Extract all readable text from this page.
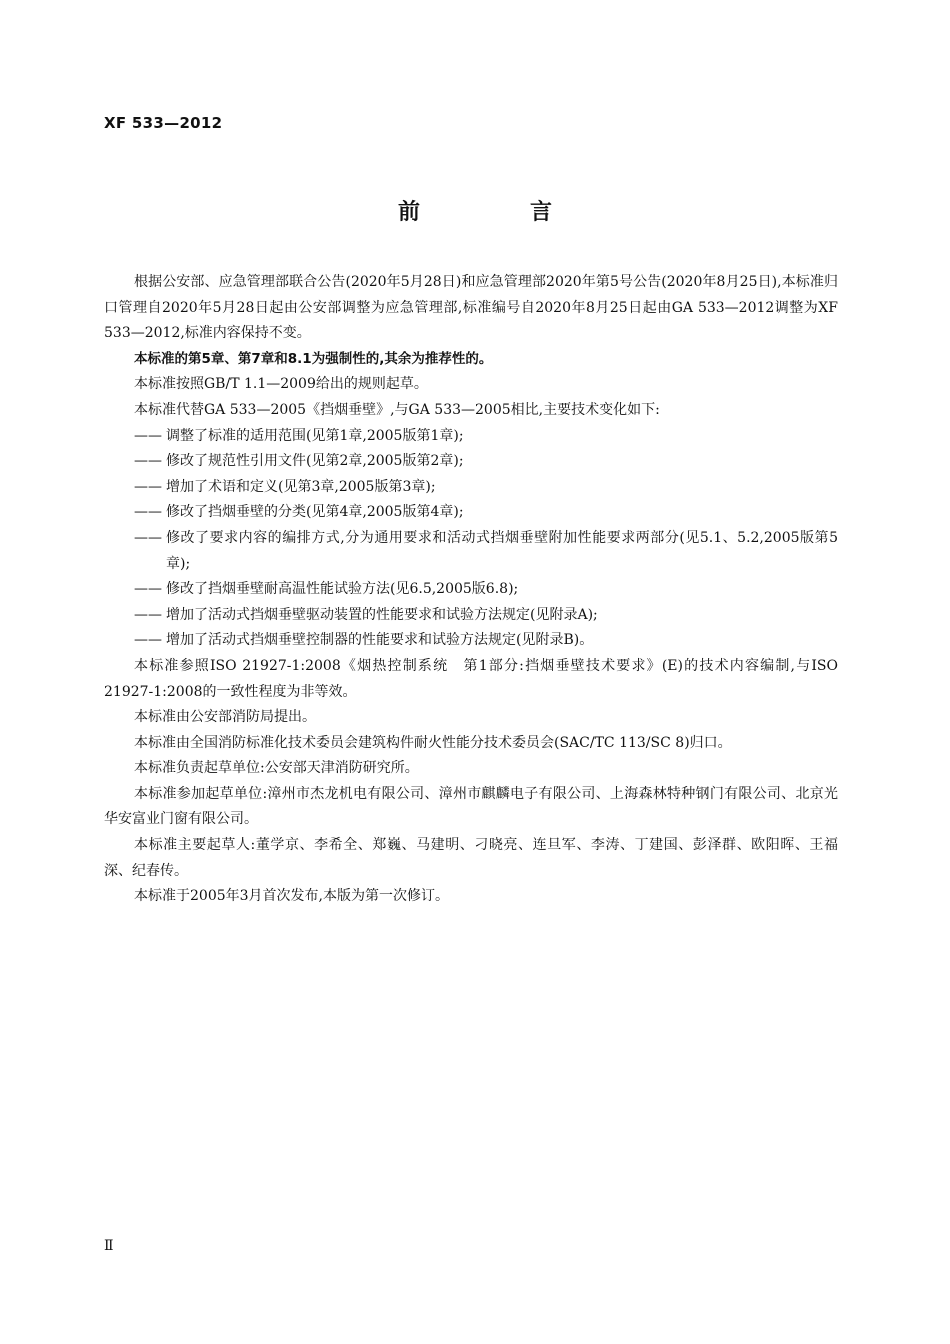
XF 533—2012
前　言

根据公安部、应急管理部联合公告(2020年5月28日)和应急管理部2020年第5号公告(2020年8月25日),本标准归口管理自2020年5月28日起由公安部调整为应急管理部,标准编号自2020年8月25日起由GA 533—2012调整为XF 533—2012,标准内容保持不变。

本标准的第5章、第7章和8.1为强制性的,其余为推荐性的。

本标准按照GB/T 1.1—2009给出的规则起草。

本标准代替GA 533—2005《挡烟垂壁》,与GA 533—2005相比,主要技术变化如下:

—— 调整了标准的适用范围(见第1章,2005版第1章);

—— 修改了规范性引用文件(见第2章,2005版第2章);

—— 增加了术语和定义(见第3章,2005版第3章);

—— 修改了挡烟垂壁的分类(见第4章,2005版第4章);

—— 修改了要求内容的编排方式,分为通用要求和活动式挡烟垂壁附加性能要求两部分(见5.1、5.2,2005版第5章);

—— 修改了挡烟垂壁耐高温性能试验方法(见6.5,2005版6.8);

—— 增加了活动式挡烟垂壁驱动装置的性能要求和试验方法规定(见附录A);

—— 增加了活动式挡烟垂壁控制器的性能要求和试验方法规定(见附录B)。

本标准参照ISO 21927-1:2008《烟热控制系统　第1部分:挡烟垂壁技术要求》(E)的技术内容编制,与ISO 21927-1:2008的一致性程度为非等效。

本标准由公安部消防局提出。

本标准由全国消防标准化技术委员会建筑构件耐火性能分技术委员会(SAC/TC 113/SC 8)归口。

本标准负责起草单位:公安部天津消防研究所。

本标准参加起草单位:漳州市杰龙机电有限公司、漳州市麒麟电子有限公司、上海森林特种钢门有限公司、北京光华安富业门窗有限公司。

本标准主要起草人:董学京、李希全、郑巍、马建明、刁晓亮、连旦军、李涛、丁建国、彭泽群、欧阳晖、王福深、纪春传。

本标准于2005年3月首次发布,本版为第一次修订。

Ⅱ
